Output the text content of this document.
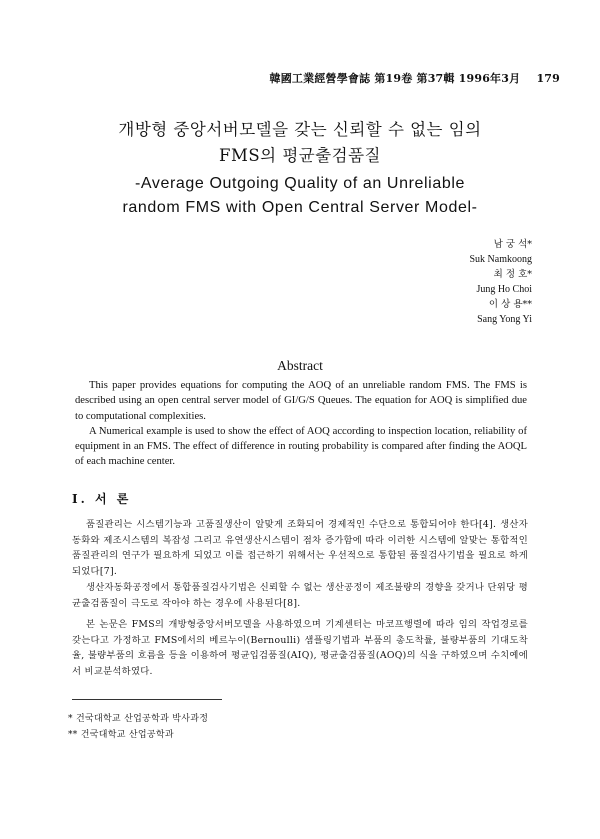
韓國工業經營學會誌 第19卷 第37輯 1996年3月 179
개방형 중앙서버모델을 갖는 신뢰할 수 없는 임의
FMS의 평균출검품질
-Average Outgoing Quality of an Unreliable
random FMS with Open Central Server Model-
남 궁 석*
Suk Namkoong
최 정 호*
Jung Ho Choi
이 상 용**
Sang Yong Yi
Abstract

This paper provides equations for computing the AOQ of an unreliable random FMS. The FMS is described using an open central server model of GI/G/S Queues. The equation for AOQ is simplified due to computational complexities.

A Numerical example is used to show the effect of AOQ according to inspection location, reliability of equipment in an FMS. The effect of difference in routing probability is compared after finding the AOQL of each machine center.

Ⅰ. 서 론

품질관리는 시스템기능과 고품질생산이 알맞게 조화되어 경제적인 수단으로 통합되어야 한다[4]. 생산자동화와 제조시스템의 복잡성 그리고 유연생산시스템이 점차 증가함에 따라 이러한 시스템에 알맞는 통합적인 품질관리의 연구가 필요하게 되었고 이를 접근하기 위해서는 우선적으로 통합된 품질검사기법을 필요로 하게 되었다[7].

생산자동화공정에서 통합품질검사기법은 신뢰할 수 없는 생산공정이 제조불량의 경향을 갖거나 단위당 평균출검품질이 극도로 작아야 하는 경우에 사용된다[8].

본 논문은 FMS의 개방형중앙서버모델을 사용하였으며 기계센터는 마코프행렬에 따라 임의 작업경로를 갖는다고 가정하고 FMS에서의 베르누이(Bernoulli) 샘플링기법과 부품의 총도착률, 불량부품의 기대도착율, 불량부품의 흐름을 등을 이용하여 평균입검품질(AIQ), 평균출검품질(AOQ)의 식을 구하였으며 수치예에서 비교분석하였다.

* 건국대학교 산업공학과 박사과정
** 건국대학교 산업공학과
